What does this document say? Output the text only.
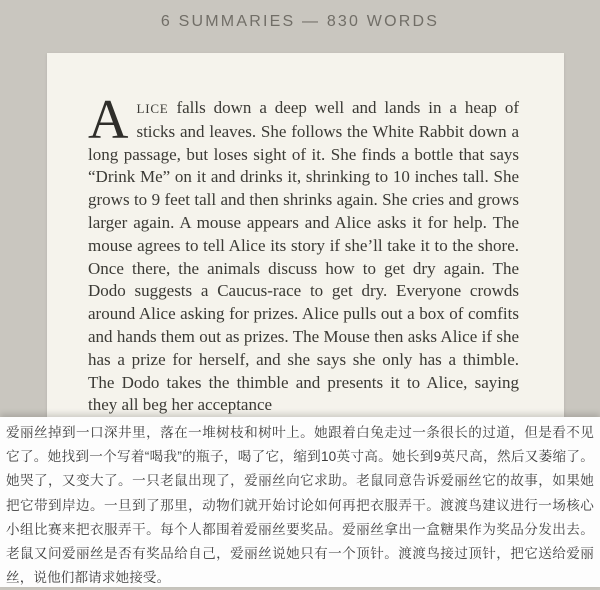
6 SUMMARIES — 830 WORDS

ALICE falls down a deep well and lands in a heap of sticks and leaves. She follows the White Rabbit down a long passage, but loses sight of it. She finds a bottle that says “Drink Me” on it and drinks it, shrinking to 10 inches tall. She grows to 9 feet tall and then shrinks again. She cries and grows larger again. A mouse appears and Alice asks it for help. The mouse agrees to tell Alice its story if she’ll take it to the shore. Once there, the animals discuss how to get dry again. The Dodo suggests a Caucus-race to get dry. Everyone crowds around Alice asking for prizes. Alice pulls out a box of comfits and hands them out as prizes. The Mouse then asks Alice if she has a prize for herself, and she says she only has a thimble. The Dodo takes the thimble and presents it to Alice, saying they all beg her acceptance

爱丽丝掉到一口深井里，落在一堆树枝和树叶上。她跟着白兔走过一条很长的过道，但是看不见它了。她找到一个写着“喝我”的瓶子，喝了它，缩到10英寸高。她长到9英尺高，然后又萎缩了。她哭了，又变大了。一只老鼠出现了，爱丽丝向它求助。老鼠同意告诉爱丽丝它的故事，如果她把它带到岸边。一旦到了那里，动物们就开始讨论如何再把衣服弄干。渡渡鸟建议进行一场核心小组比赛来把衣服弄干。每个人都围着爱丽丝要奖品。爱丽丝拿出一盒糖果作为奖品分发出去。老鼠又问爱丽丝是否有奖品给自己，爱丽丝说她只有一个顶针。渡渡鸟接过顶针，把它送给爱丽丝，说他们都请求她接受。
